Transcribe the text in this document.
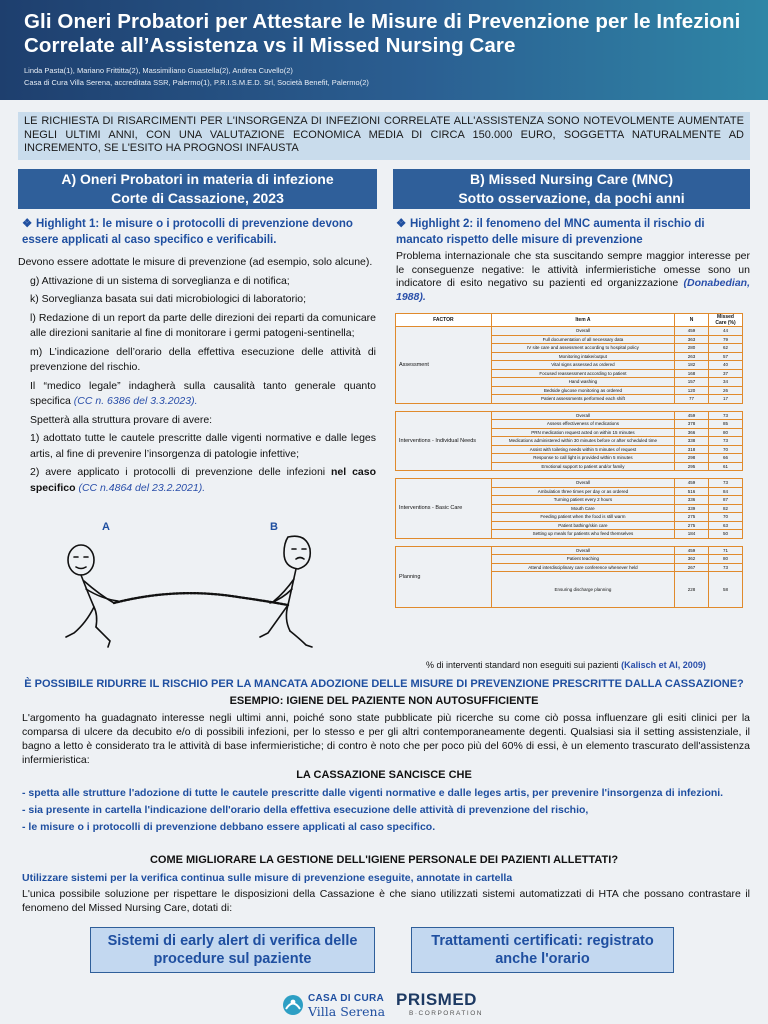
Gli Oneri Probatori per Attestare le Misure di Prevenzione per le Infezioni
Correlate all’Assistenza vs il Missed Nursing Care
Linda Pasta(1), Mariano Frittitta(2), Massimiliano Guastella(2), Andrea Cuvello(2)
Casa di Cura Villa Serena, accreditata SSR, Palermo(1), P.R.I.S.M.E.D. Srl, Società Benefit, Palermo(2)
LE RICHIESTA DI RISARCIMENTI PER L'INSORGENZA DI INFEZIONI CORRELATE ALL'ASSISTENZA SONO NOTEVOLMENTE AUMENTATE NEGLI ULTIMI ANNI, CON UNA VALUTAZIONE ECONOMICA MEDIA DI CIRCA 150.000 EURO, SOGGETTA NATURALMENTE AD INCREMENTO, SE L'ESITO HA PROGNOSI INFAUSTA
A) Oneri Probatori in materia di infezione
Corte di Cassazione, 2023
B) Missed Nursing Care (MNC)
Sotto osservazione, da pochi anni
❖ Highlight 1: le misure o i protocolli di prevenzione devono essere applicati al caso specifico e verificabili.
❖ Highlight 2: il fenomeno del MNC aumenta il rischio di mancato rispetto delle misure di prevenzione

Devono essere adottate le misure di prevenzione (ad esempio, solo alcune).

g) Attivazione di un sistema di sorveglianza e di notifica;

k) Sorveglianza basata sui dati microbiologici di laboratorio;

l) Redazione di un report da parte delle direzioni dei reparti da comunicare alle direzioni sanitarie al fine di monitorare i germi patogeni-sentinella;

m) L’indicazione dell’orario della effettiva esecuzione delle attività di prevenzione del rischio.

Il “medico legale” indagherà sulla causalità tanto generale quanto specifica (CC n. 6386 del 3.3.2023).

Spetterà alla struttura provare di avere:

1) adottato tutte le cautele prescritte dalle vigenti normative e dalle leges artis, al fine di prevenire l’insorgenza di patologie infettive;

2) avere applicato i protocolli di prevenzione delle infezioni nel caso specifico (CC n.4864 del 23.2.2021).

A	B
Problema internazionale che sta suscitando sempre maggior interesse per le conseguenze negative: le attività infermieristiche omesse sono un indicatore di esito negativo su pazienti ed organizzazione (Donabedian, 1988).
FACTOR	Item A	N	Missed Care (%)
Assessment	Overall	459	44
	Full documentation of all necessary data	363	79
	IV site care and assessment according to hospital policy	280	62
	Monitoring intake/output	263	57
	Vital signs assessed as ordered	182	40
	Focused reassessment according to patient	168	37
	Hand washing	157	34
	Bedside glucose monitoring as ordered	120	26
	Patient assessments performed each shift	77	17

Interventions - Individual Needs	Overall	459	73
	Assess effectiveness of medications	378	85
	PRN medication request acted on within 15 minutes	366	80
	Medications administered within 30 minutes before or after scheduled time	338	73
	Assist with toileting needs within 5 minutes of request	318	70
	Response to call light is provided within 5 minutes	298	66
	Emotional support to patient and/or family	295	61

Interventions - Basic Care	Overall	459	73
	Ambulation three times per day or as ordered	516	84
	Turning patient every 2 hours	336	87
	Mouth Care	339	82
	Feeding patient when the food is still warm	275	70
	Patient bathing/skin care	275	63
	Setting up meals for patients who feed themselves	184	50

Planning	Overall	459	71
	Patient teaching	362	80
	Attend interdisciplinary care conference whenever held	267	73
	Ensuring discharge planning	228	58
% di interventi standard non eseguiti sui pazienti (Kalisch et Al, 2009)
È POSSIBILE RIDURRE IL RISCHIO PER LA MANCATA ADOZIONE DELLE MISURE DI PREVENZIONE PRESCRITTE DALLA CASSAZIONE?
ESEMPIO: IGIENE DEL PAZIENTE NON AUTOSUFFICIENTE
L'argomento ha guadagnato interesse negli ultimi anni, poiché sono state pubblicate più ricerche su come ciò possa influenzare gli esiti clinici per la comparsa di ulcere da decubito e/o di possibili infezioni, per lo stesso e per gli altri contemporaneamente degenti. Qualsiasi sia il setting assistenziale, il bagno a letto è considerato tra le attività di base infermieristiche; di contro è noto che per poco più del 60% di essi, è un elemento trascurato dell'assistenza infermieristica:
LA CASSAZIONE SANCISCE CHE
- spetta alle strutture l'adozione di tutte le cautele prescritte dalle vigenti normative e dalle leges artis, per prevenire l'insorgenza di infezioni.
- sia presente in cartella l'indicazione dell'orario della effettiva esecuzione delle attività di prevenzione del rischio,
- le misure o i protocolli di prevenzione debbano essere applicati al caso specifico.
COME MIGLIORARE LA GESTIONE DELL'IGIENE PERSONALE DEI PAZIENTI ALLETTATI?
Utilizzare sistemi per la verifica continua sulle misure di prevenzione eseguite, annotate in cartella
L'unica possibile soluzione per rispettare le disposizioni della Cassazione è che siano utilizzati sistemi automatizzati di HTA che possano contrastare il fenomeno del Missed Nursing Care, dotati di:
Sistemi di early alert di verifica delle procedure sul paziente
Trattamenti certificati: registrato anche l'orario
CASA DI CURA
Villa Serena
PRISMED
B·CORPORATION
